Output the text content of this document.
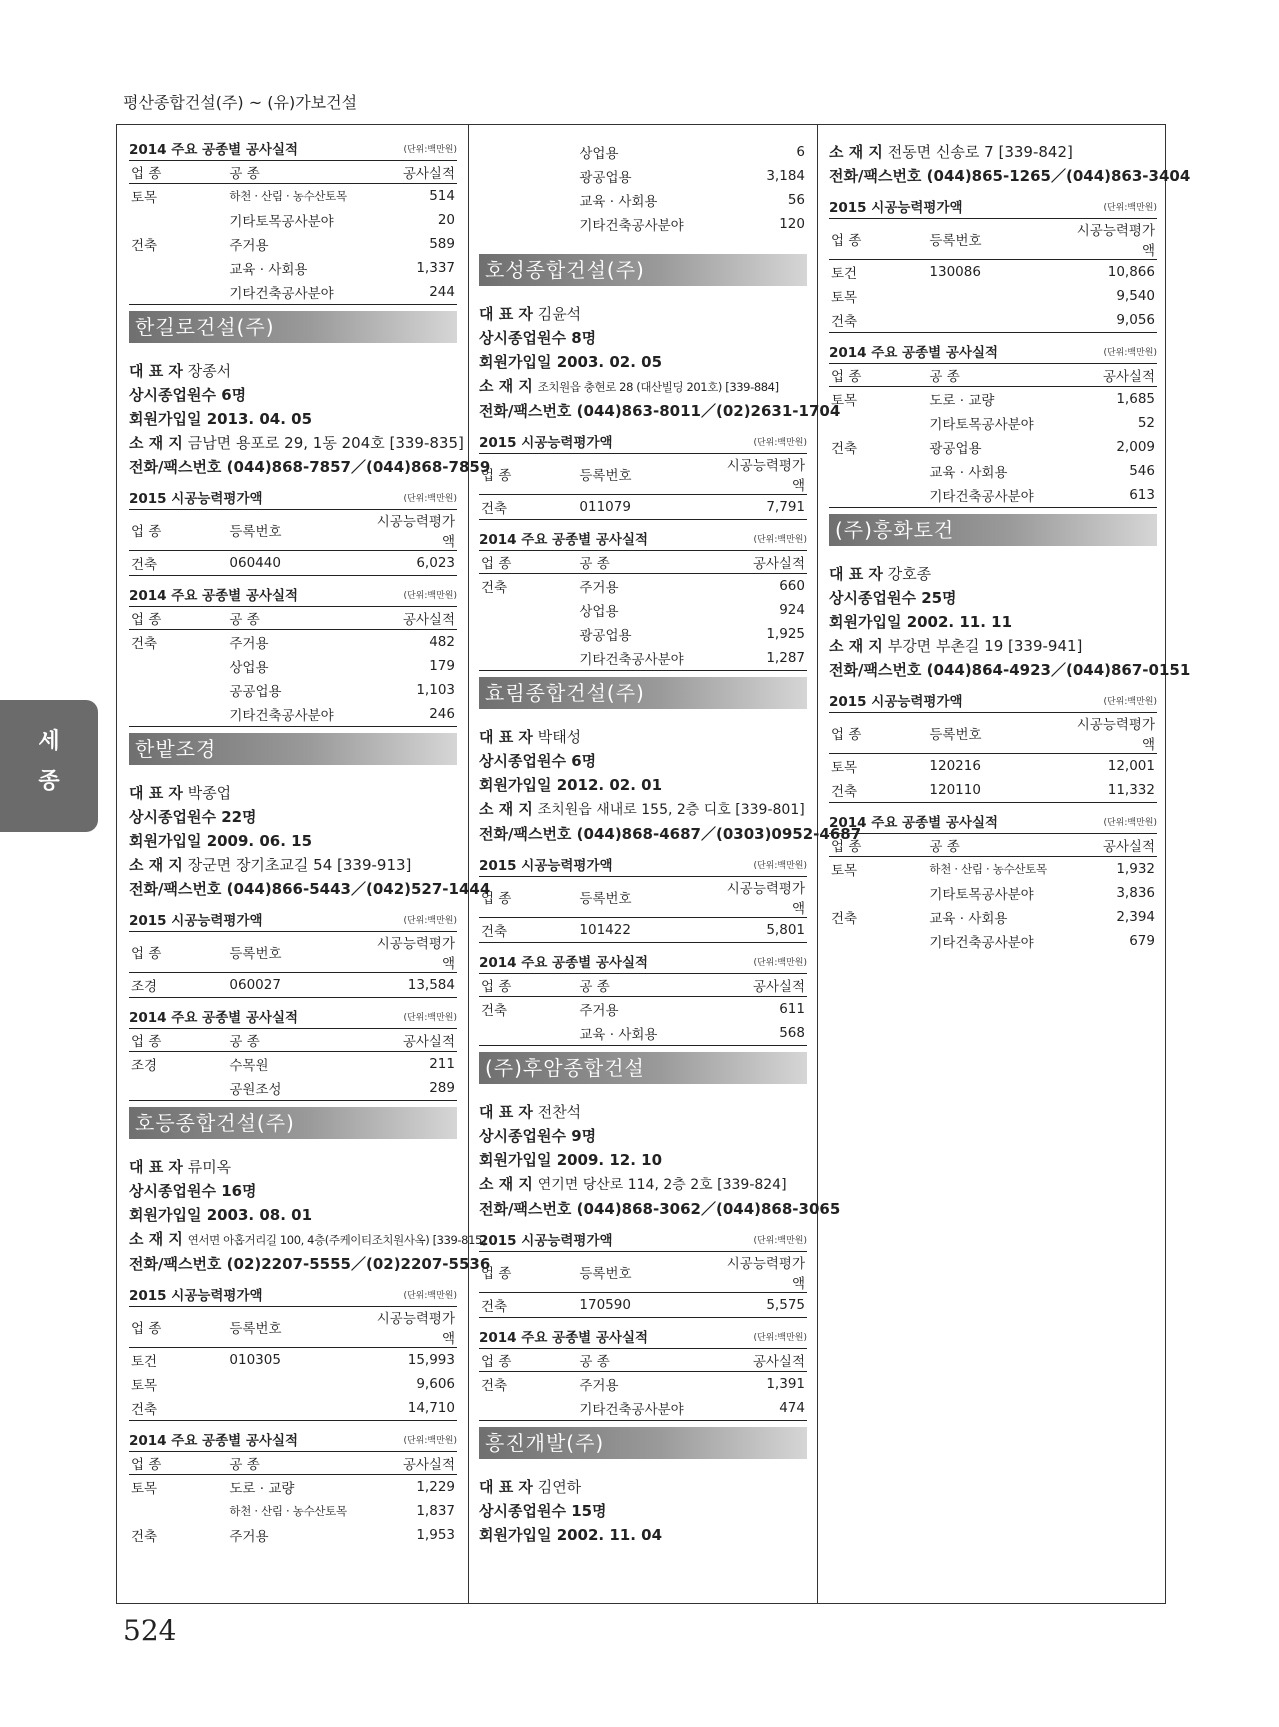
평산종합건설(주) ~ (유)가보건설
세
종
2014 주요 공종별 공사실적	(단위:백만원)
업 종	공 종	공사실적
토목	하천 · 산림 · 농수산토목	514
	기타토목공사분야	20
건축	주거용	589
	교육 · 사회용	1,337
	기타건축공사분야	244
한길로건설(주)
대 표 자 장종서
상시종업원수 6명
회원가입일 2013. 04. 05
소 재 지 금남면 용포로 29, 1동 204호 [339-835]
전화/팩스번호 (044)868-7857／(044)868-7859
2015 시공능력평가액	(단위:백만원)
업 종	등록번호	시공능력평가액
건축	060440	6,023
2014 주요 공종별 공사실적	(단위:백만원)
업 종	공 종	공사실적
건축	주거용	482
	상업용	179
	공공업용	1,103
	기타건축공사분야	246
한밭조경
대 표 자 박종업
상시종업원수 22명
회원가입일 2009. 06. 15
소 재 지 장군면 장기초교길 54 [339-913]
전화/팩스번호 (044)866-5443／(042)527-1444
2015 시공능력평가액	(단위:백만원)
업 종	등록번호	시공능력평가액
조경	060027	13,584
2014 주요 공종별 공사실적	(단위:백만원)
업 종	공 종	공사실적
조경	수목원	211
	공원조성	289
호등종합건설(주)
대 표 자 류미옥
상시종업원수 16명
회원가입일 2003. 08. 01
소 재 지 연서면 아홉거리길 100, 4층(주케이티조치원사옥) [339-815]
전화/팩스번호 (02)2207-5555／(02)2207-5536
2015 시공능력평가액	(단위:백만원)
업 종	등록번호	시공능력평가액
토건	010305	15,993
토목		9,606
건축		14,710
2014 주요 공종별 공사실적	(단위:백만원)
업 종	공 종	공사실적
토목	도로 · 교량	1,229
	하천 · 산림 · 농수산토목	1,837
건축	주거용	1,953
	상업용	6
	광공업용	3,184
	교육 · 사회용	56
	기타건축공사분야	120
호성종합건설(주)
대 표 자 김윤석
상시종업원수 8명
회원가입일 2003. 02. 05
소 재 지 조치원읍 충현로 28 (대산빌딩 201호) [339-884]
전화/팩스번호 (044)863-8011／(02)2631-1704
2015 시공능력평가액	(단위:백만원)
업 종	등록번호	시공능력평가액
건축	011079	7,791
2014 주요 공종별 공사실적	(단위:백만원)
업 종	공 종	공사실적
건축	주거용	660
	상업용	924
	광공업용	1,925
	기타건축공사분야	1,287
효림종합건설(주)
대 표 자 박태성
상시종업원수 6명
회원가입일 2012. 02. 01
소 재 지 조치원읍 새내로 155, 2층 디호 [339-801]
전화/팩스번호 (044)868-4687／(0303)0952-4687
2015 시공능력평가액	(단위:백만원)
업 종	등록번호	시공능력평가액
건축	101422	5,801
2014 주요 공종별 공사실적	(단위:백만원)
업 종	공 종	공사실적
건축	주거용	611
	교육 · 사회용	568
(주)후암종합건설
대 표 자 전찬석
상시종업원수 9명
회원가입일 2009. 12. 10
소 재 지 연기면 당산로 114, 2층 2호 [339-824]
전화/팩스번호 (044)868-3062／(044)868-3065
2015 시공능력평가액	(단위:백만원)
업 종	등록번호	시공능력평가액
건축	170590	5,575
2014 주요 공종별 공사실적	(단위:백만원)
업 종	공 종	공사실적
건축	주거용	1,391
	기타건축공사분야	474
흥진개발(주)
대 표 자 김연하
상시종업원수 15명
회원가입일 2002. 11. 04
소 재 지 전동면 신송로 7 [339-842]
전화/팩스번호 (044)865-1265／(044)863-3404
2015 시공능력평가액	(단위:백만원)
업 종	등록번호	시공능력평가액
토건	130086	10,866
토목		9,540
건축		9,056
2014 주요 공종별 공사실적	(단위:백만원)
업 종	공 종	공사실적
토목	도로 · 교량	1,685
	기타토목공사분야	52
건축	광공업용	2,009
	교육 · 사회용	546
	기타건축공사분야	613
(주)흥화토건
대 표 자 강호종
상시종업원수 25명
회원가입일 2002. 11. 11
소 재 지 부강면 부촌길 19 [339-941]
전화/팩스번호 (044)864-4923／(044)867-0151
2015 시공능력평가액	(단위:백만원)
업 종	등록번호	시공능력평가액
토목	120216	12,001
건축	120110	11,332
2014 주요 공종별 공사실적	(단위:백만원)
업 종	공 종	공사실적
토목	하천 · 산림 · 농수산토목	1,932
	기타토목공사분야	3,836
건축	교육 · 사회용	2,394
	기타건축공사분야	679
524
